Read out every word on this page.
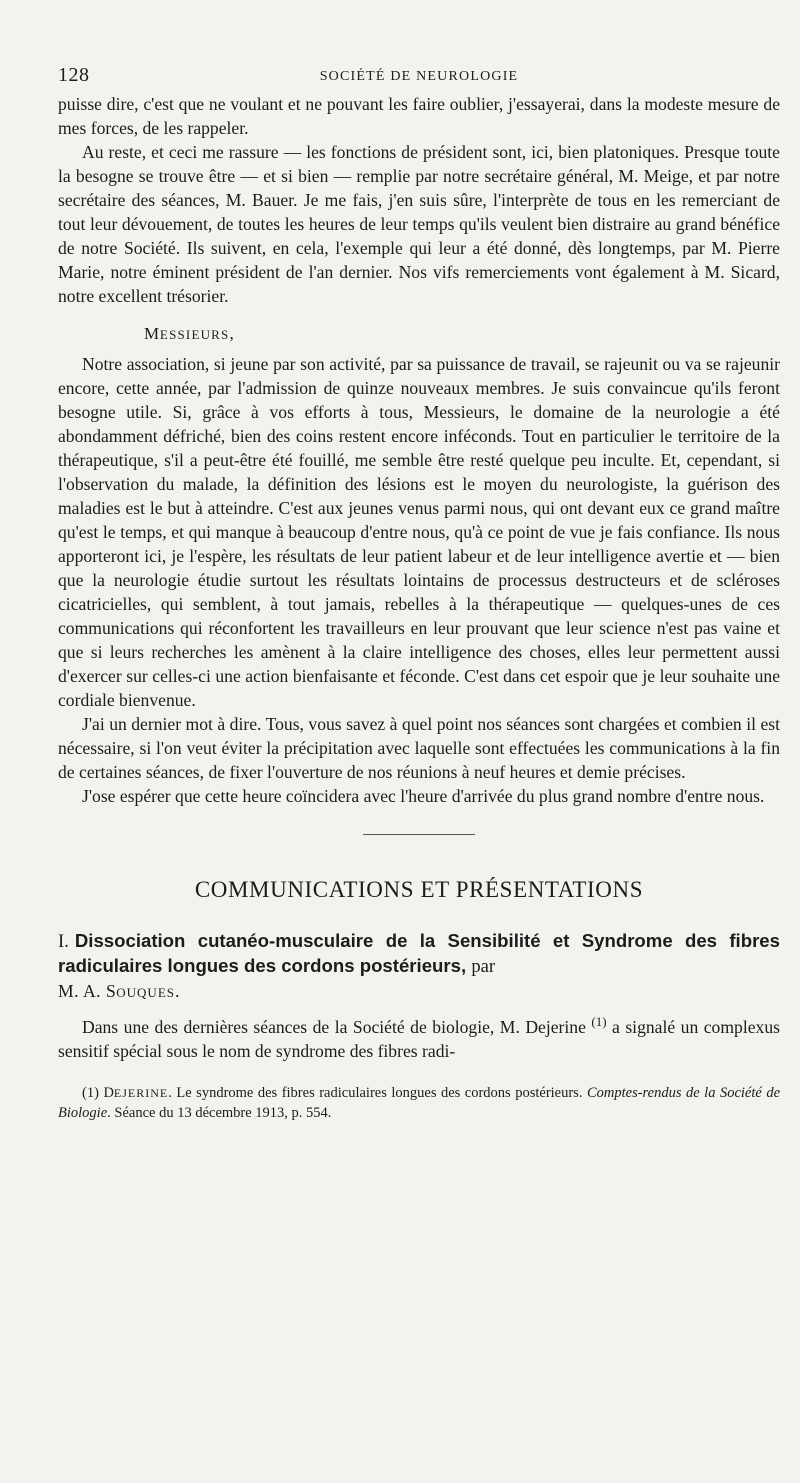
128	SOCIÉTÉ DE NEUROLOGIE

puisse dire, c'est que ne voulant et ne pouvant les faire oublier, j'essayerai, dans la modeste mesure de mes forces, de les rappeler.

Au reste, et ceci me rassure — les fonctions de président sont, ici, bien platoniques. Presque toute la besogne se trouve être — et si bien — remplie par notre secrétaire général, M. Meige, et par notre secrétaire des séances, M. Bauer. Je me fais, j'en suis sûre, l'interprète de tous en les remerciant de tout leur dévouement, de toutes les heures de leur temps qu'ils veulent bien distraire au grand bénéfice de notre Société. Ils suivent, en cela, l'exemple qui leur a été donné, dès longtemps, par M. Pierre Marie, notre éminent président de l'an dernier. Nos vifs remerciements vont également à M. Sicard, notre excellent trésorier.

MESSIEURS,

Notre association, si jeune par son activité, par sa puissance de travail, se rajeunit ou va se rajeunir encore, cette année, par l'admission de quinze nouveaux membres. Je suis convaincue qu'ils feront besogne utile. Si, grâce à vos efforts à tous, Messieurs, le domaine de la neurologie a été abondamment défriché, bien des coins restent encore inféconds. Tout en particulier le territoire de la thérapeutique, s'il a peut-être été fouillé, me semble être resté quelque peu inculte. Et, cependant, si l'observation du malade, la définition des lésions est le moyen du neurologiste, la guérison des maladies est le but à atteindre. C'est aux jeunes venus parmi nous, qui ont devant eux ce grand maître qu'est le temps, et qui manque à beaucoup d'entre nous, qu'à ce point de vue je fais confiance. Ils nous apporteront ici, je l'espère, les résultats de leur patient labeur et de leur intelligence avertie et — bien que la neurologie étudie surtout les résultats lointains de processus destructeurs et de scléroses cicatricielles, qui semblent, à tout jamais, rebelles à la thérapeutique — quelques-unes de ces communications qui réconfortent les travailleurs en leur prouvant que leur science n'est pas vaine et que si leurs recherches les amènent à la claire intelligence des choses, elles leur permettent aussi d'exercer sur celles-ci une action bienfaisante et féconde. C'est dans cet espoir que je leur souhaite une cordiale bienvenue.

J'ai un dernier mot à dire. Tous, vous savez à quel point nos séances sont chargées et combien il est nécessaire, si l'on veut éviter la précipitation avec laquelle sont effectuées les communications à la fin de certaines séances, de fixer l'ouverture de nos réunions à neuf heures et demie précises.

J'ose espérer que cette heure coïncidera avec l'heure d'arrivée du plus grand nombre d'entre nous.

COMMUNICATIONS ET PRÉSENTATIONS
I. Dissociation cutanéo-musculaire de la Sensibilité et Syndrome des fibres radiculaires longues des cordons postérieurs, par
M. A. SOUQUES.

Dans une des dernières séances de la Société de biologie, M. Dejerine $^{(1)}$ a signalé un complexus sensitif spécial sous le nom de syndrome des fibres radi-

(1) DEJERINE. Le syndrome des fibres radiculaires longues des cordons postérieurs. Comptes-rendus de la Société de Biologie. Séance du 13 décembre 1913, p. 554.
